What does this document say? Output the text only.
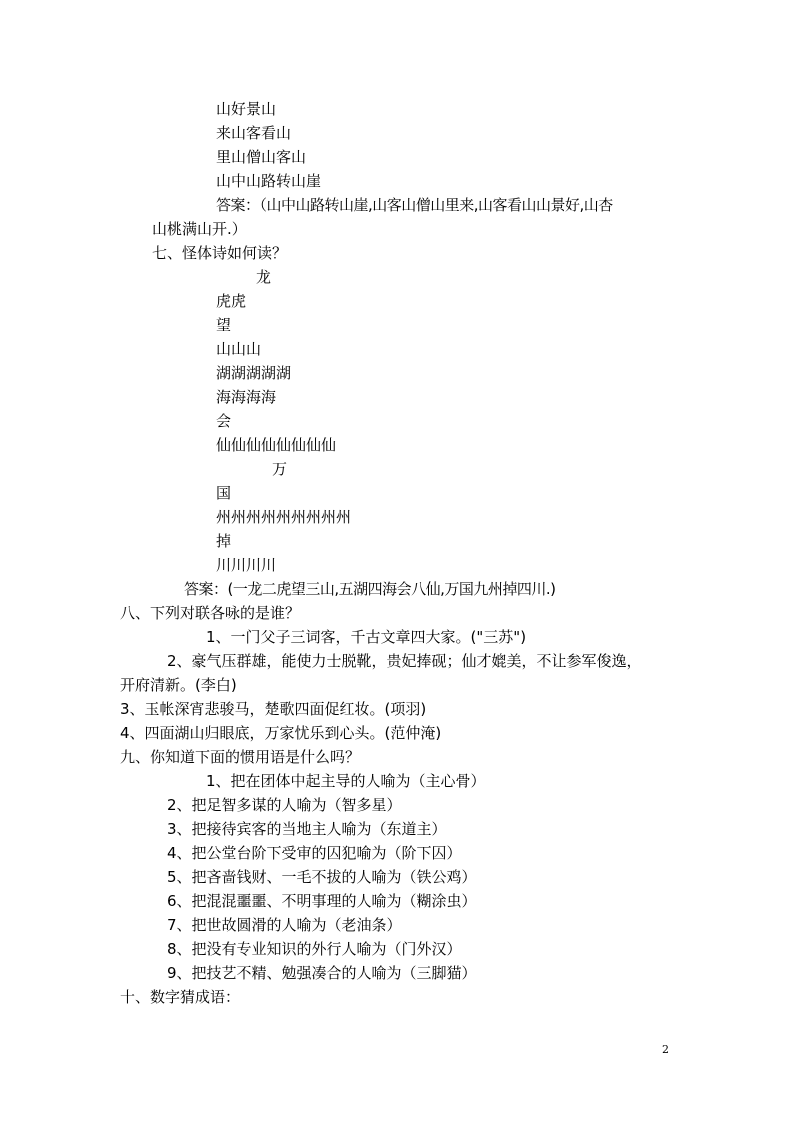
山好景山
来山客看山
里山僧山客山
山中山路转山崖
答案：（山中山路转山崖,山客山僧山里来,山客看山山景好,山杏
山桃满山开.）
七、怪体诗如何读？
龙
虎虎
望
山山山
湖湖湖湖湖
海海海海
会
仙仙仙仙仙仙仙仙
万
国
州州州州州州州州州
掉
川川川川
答案：(一龙二虎望三山,五湖四海会八仙,万国九州掉四川.)
八、下列对联各咏的是谁？
1、一门父子三词客，千古文章四大家。("三苏")
2、豪气压群雄，能使力士脱靴，贵妃捧砚；仙才媲美，不让参军俊逸，
开府清新。(李白)
3、玉帐深宵悲骏马，楚歌四面促红妆。(项羽)
4、四面湖山归眼底，万家忧乐到心头。(范仲淹)
九、你知道下面的惯用语是什么吗？
1、把在团体中起主导的人喻为（主心骨）
2、把足智多谋的人喻为（智多星）
3、把接待宾客的当地主人喻为（东道主）
4、把公堂台阶下受审的囚犯喻为（阶下囚）
5、把吝啬钱财、一毛不拔的人喻为（铁公鸡）
6、把混混噩噩、不明事理的人喻为（糊涂虫）
7、把世故圆滑的人喻为（老油条）
8、把没有专业知识的外行人喻为（门外汉）
9、把技艺不精、勉强凑合的人喻为（三脚猫）
十、数字猜成语：
2
